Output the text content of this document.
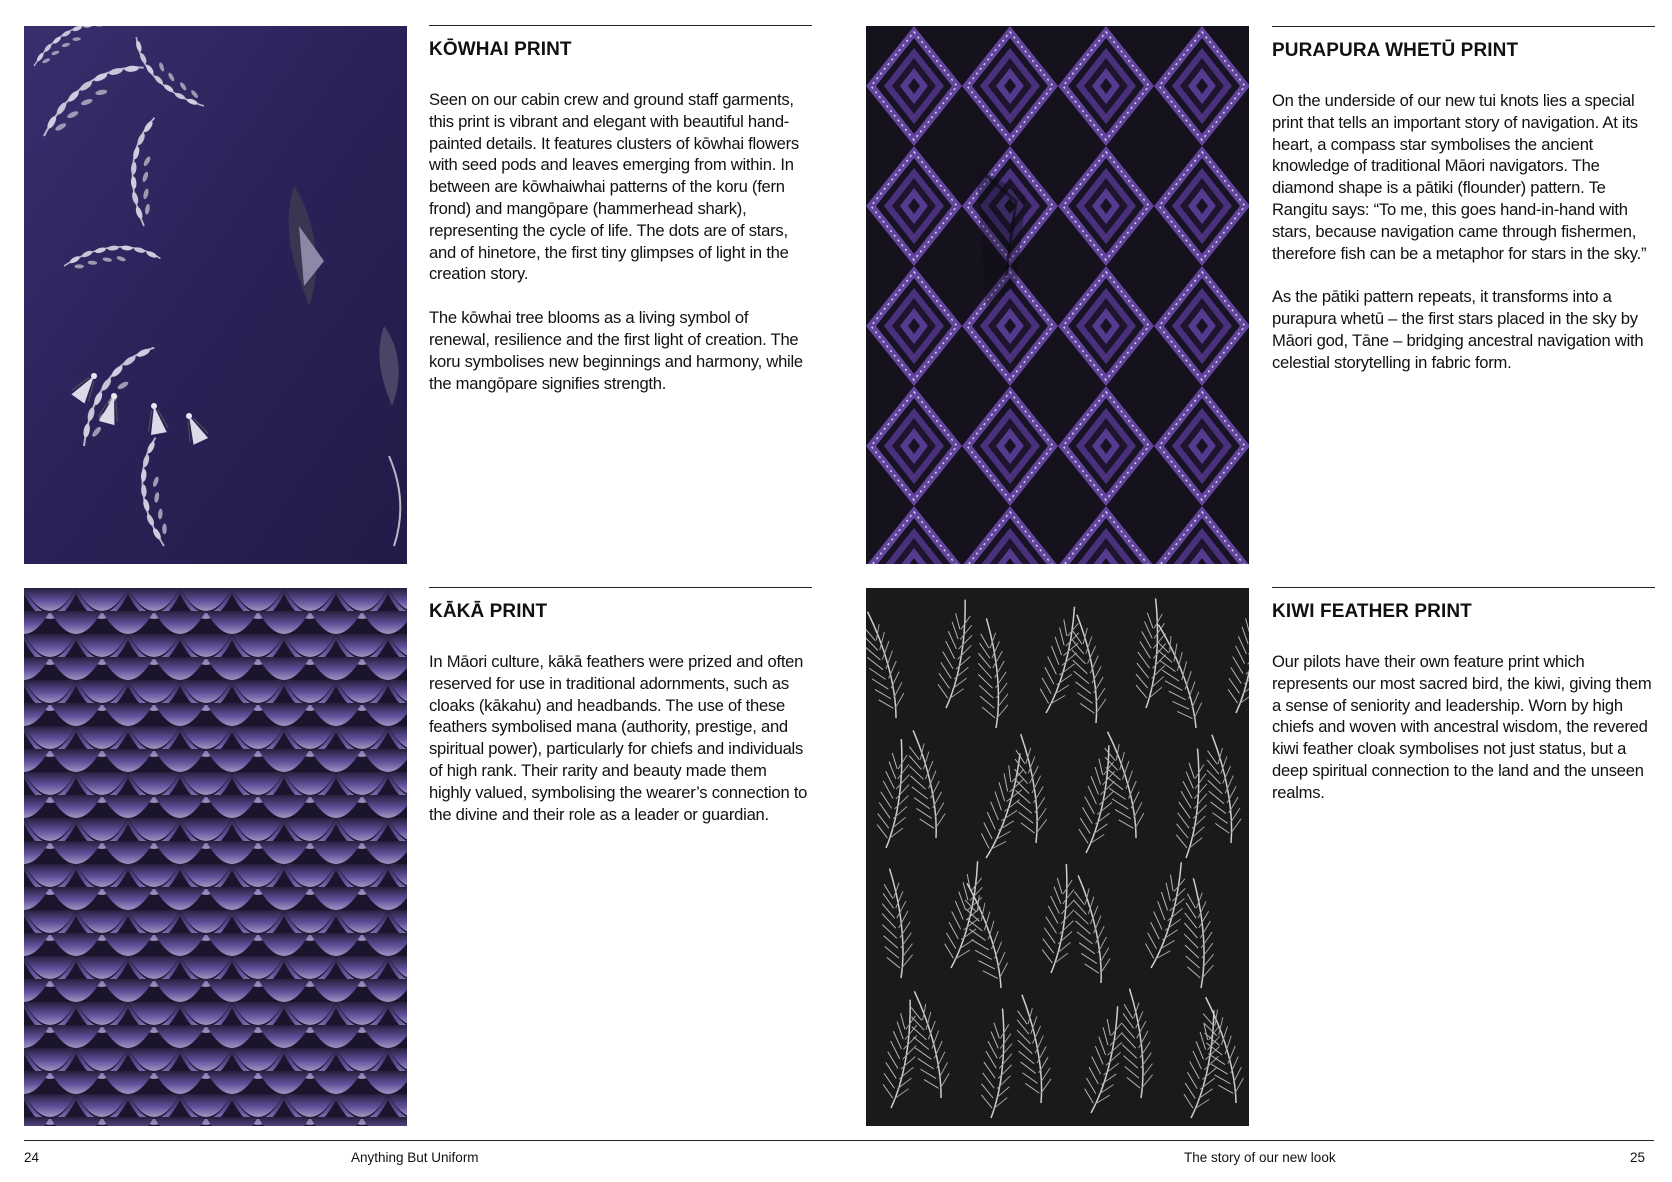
KŌWHAI PRINT

Seen on our cabin crew and ground staff garments, this print is vibrant and elegant with beautiful hand-painted details. It features clusters of kōwhai flowers with seed pods and leaves emerging from within. In between are kōwhaiwhai patterns of the koru (fern frond) and mangōpare (hammerhead shark), representing the cycle of life. The dots are of stars, and of hinetore, the first tiny glimpses of light in the creation story.

The kōwhai tree blooms as a living symbol of renewal, resilience and the first light of creation. The koru symbolises new beginnings and harmony, while the mangōpare signifies strength.

PURAPURA WHETŪ PRINT

On the underside of our new tui knots lies a special print that tells an important story of navigation. At its heart, a compass star symbolises the ancient knowledge of traditional Māori navigators. The diamond shape is a pātiki (flounder) pattern. Te Rangitu says: “To me, this goes hand-in-hand with stars, because navigation came through fishermen, therefore fish can be a metaphor for stars in the sky.”

As the pātiki pattern repeats, it transforms into a purapura whetū – the first stars placed in the sky by Māori god, Tāne – bridging ancestral navigation with celestial storytelling in fabric form.

KĀKĀ PRINT

In Māori culture, kākā feathers were prized and often reserved for use in traditional adornments, such as cloaks (kākahu) and headbands. The use of these feathers symbolised mana (authority, prestige, and spiritual power), particularly for chiefs and individuals of high rank. Their rarity and beauty made them highly valued, symbolising the wearer’s connection to the divine and their role as a leader or guardian.

KIWI FEATHER PRINT

Our pilots have their own feature print which represents our most sacred bird, the kiwi, giving them a sense of seniority and leadership. Worn by high chiefs and woven with ancestral wisdom, the revered kiwi feather cloak symbolises not just status, but a deep spiritual connection to the land and the unseen realms.

24	Anything But Uniform	The story of our new look	25
